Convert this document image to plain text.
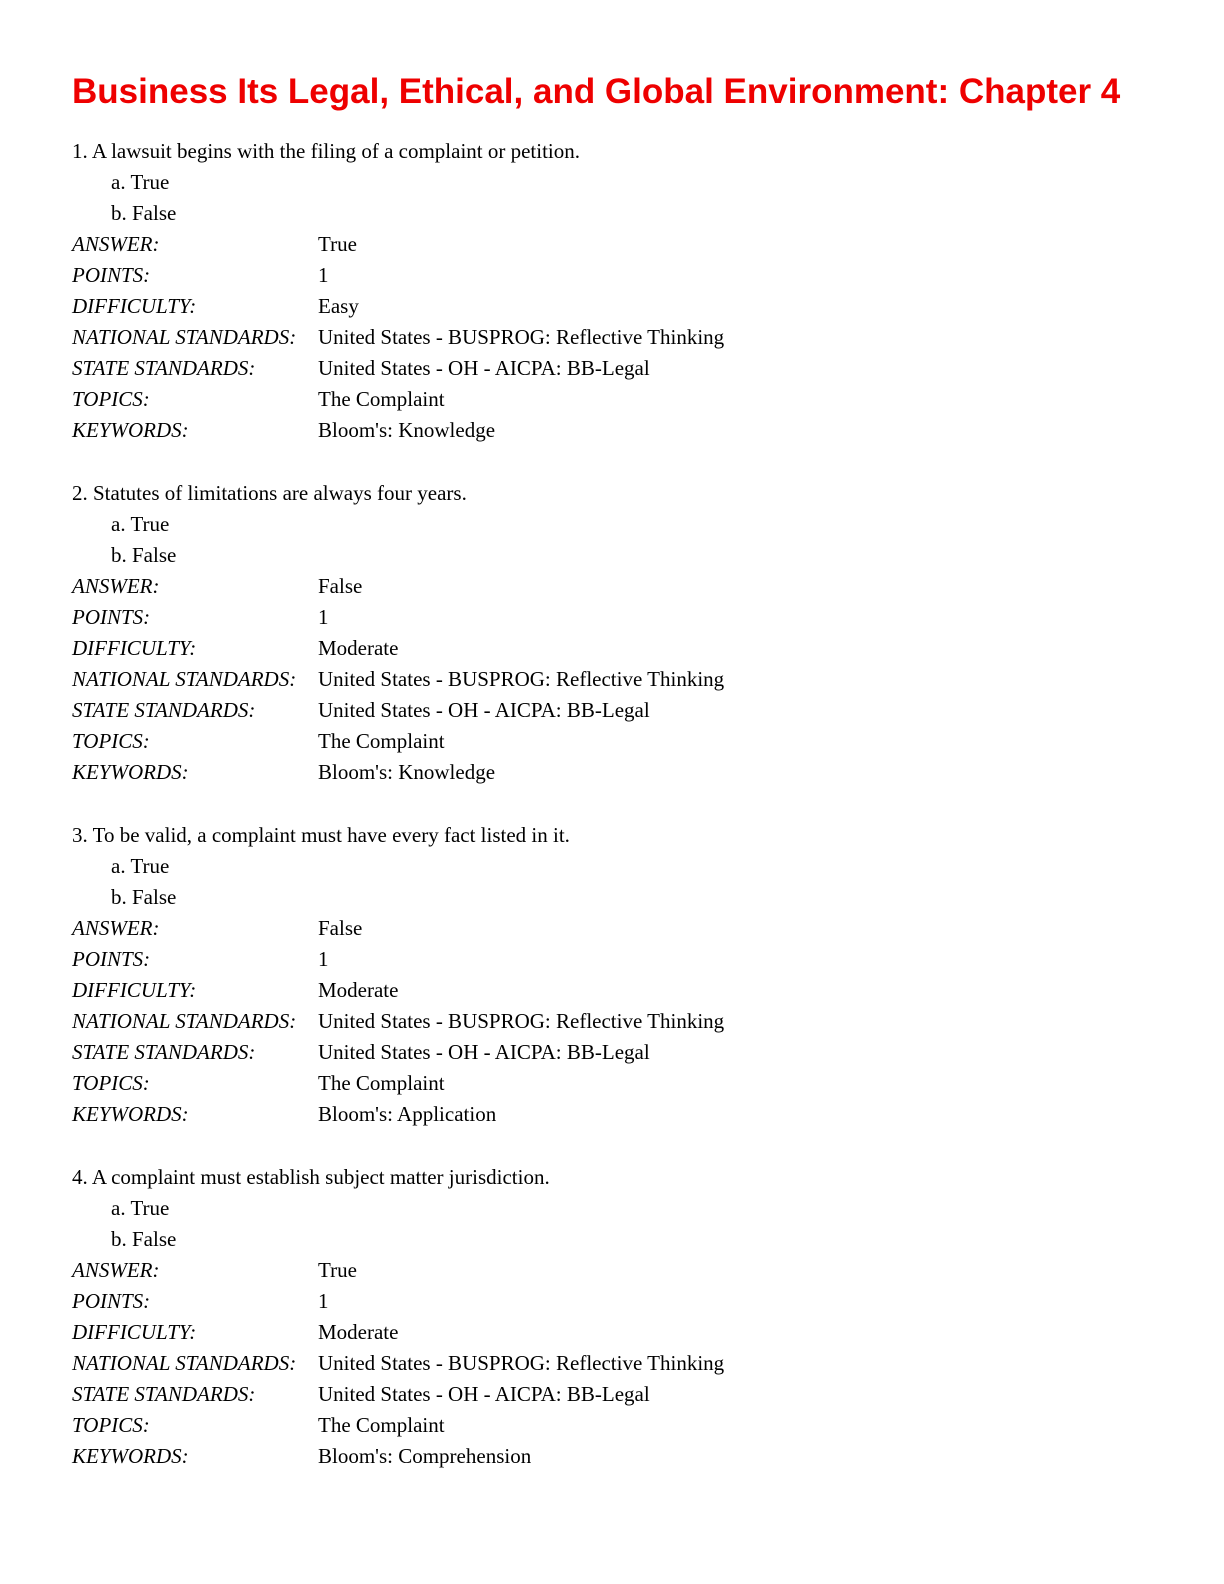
Business Its Legal, Ethical, and Global Environment: Chapter 4
1. A lawsuit begins with the filing of a complaint or petition.
a. True
b. False
ANSWER:	True
POINTS:	1
DIFFICULTY:	Easy
NATIONAL STANDARDS:	United States - BUSPROG: Reflective Thinking
STATE STANDARDS:	United States - OH - AICPA: BB-Legal
TOPICS:	The Complaint
KEYWORDS:	Bloom's: Knowledge
2. Statutes of limitations are always four years.
a. True
b. False
ANSWER:	False
POINTS:	1
DIFFICULTY:	Moderate
NATIONAL STANDARDS:	United States - BUSPROG: Reflective Thinking
STATE STANDARDS:	United States - OH - AICPA: BB-Legal
TOPICS:	The Complaint
KEYWORDS:	Bloom's: Knowledge
3. To be valid, a complaint must have every fact listed in it.
a. True
b. False
ANSWER:	False
POINTS:	1
DIFFICULTY:	Moderate
NATIONAL STANDARDS:	United States - BUSPROG: Reflective Thinking
STATE STANDARDS:	United States - OH - AICPA: BB-Legal
TOPICS:	The Complaint
KEYWORDS:	Bloom's: Application
4. A complaint must establish subject matter jurisdiction.
a. True
b. False
ANSWER:	True
POINTS:	1
DIFFICULTY:	Moderate
NATIONAL STANDARDS:	United States - BUSPROG: Reflective Thinking
STATE STANDARDS:	United States - OH - AICPA: BB-Legal
TOPICS:	The Complaint
KEYWORDS:	Bloom's: Comprehension
